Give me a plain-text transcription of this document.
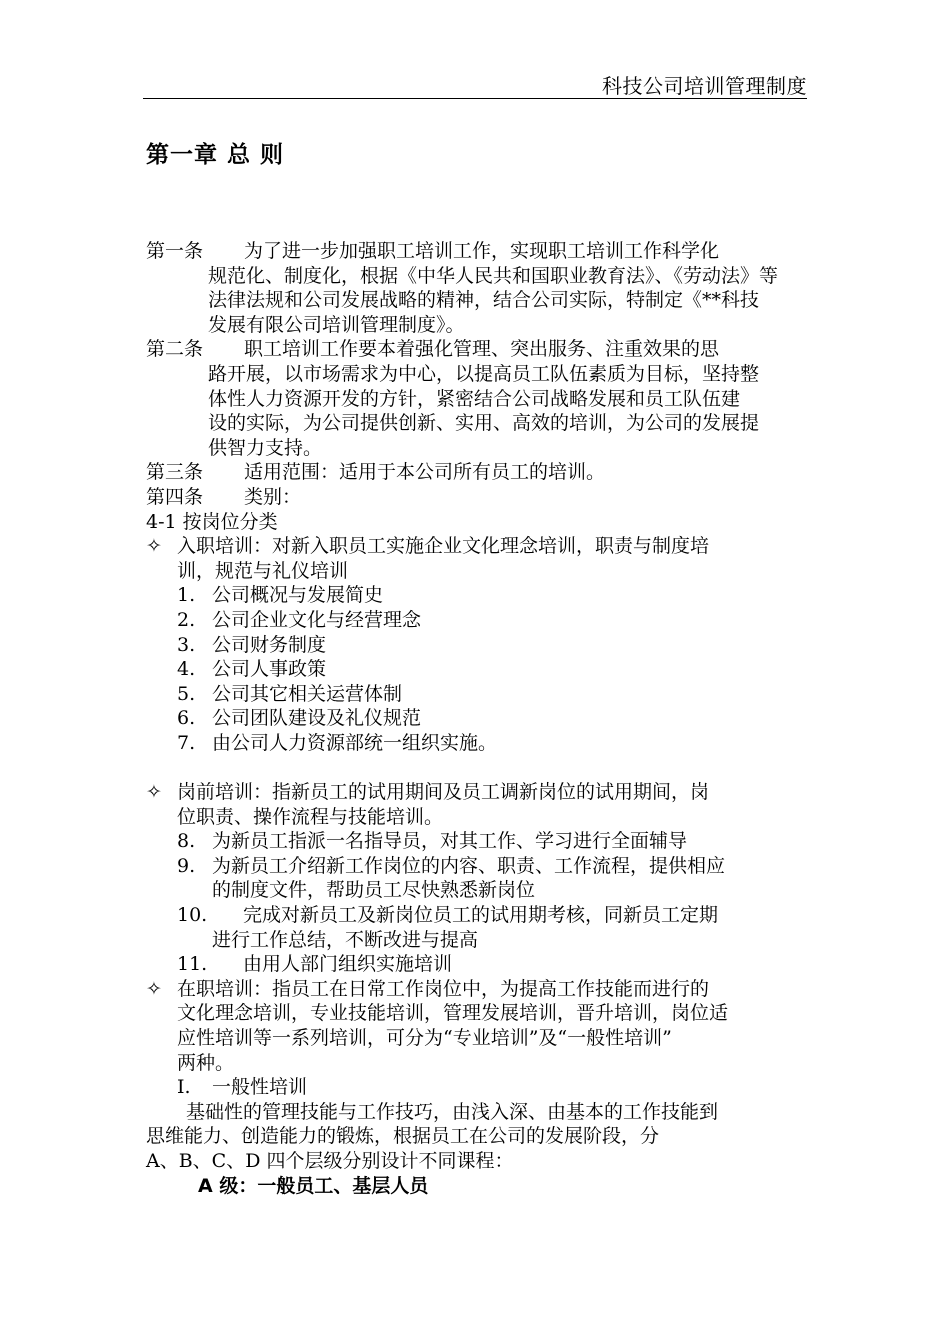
科技公司培训管理制度
第一章 总 则
第一条	为了进一步加强职工培训工作，实现职工培训工作科学化
规范化、制度化，根据《中华人民共和国职业教育法》、《劳动法》等
法律法规和公司发展战略的精神，结合公司实际，特制定《**科技
发展有限公司培训管理制度》。
第二条	职工培训工作要本着强化管理、突出服务、注重效果的思
路开展，以市场需求为中心，以提高员工队伍素质为目标，坚持整
体性人力资源开发的方针，紧密结合公司战略发展和员工队伍建
设的实际，为公司提供创新、实用、高效的培训，为公司的发展提
供智力支持。
第三条	适用范围：适用于本公司所有员工的培训。
第四条	类别：
4-1 按岗位分类
✧ 入职培训：对新入职员工实施企业文化理念培训，职责与制度培
训，规范与礼仪培训
1. 公司概况与发展简史
2. 公司企业文化与经营理念
3. 公司财务制度
4. 公司人事政策
5. 公司其它相关运营体制
6. 公司团队建设及礼仪规范
7. 由公司人力资源部统一组织实施。
✧ 岗前培训：指新员工的试用期间及员工调新岗位的试用期间，岗
位职责、操作流程与技能培训。
8. 为新员工指派一名指导员，对其工作、学习进行全面辅导
9. 为新员工介绍新工作岗位的内容、职责、工作流程，提供相应
的制度文件，帮助员工尽快熟悉新岗位
10.	完成对新员工及新岗位员工的试用期考核，同新员工定期
进行工作总结，不断改进与提高
11.	由用人部门组织实施培训
✧ 在职培训：指员工在日常工作岗位中，为提高工作技能而进行的
文化理念培训，专业技能培训，管理发展培训，晋升培训，岗位适
应性培训等一系列培训，可分为“专业培训”及“一般性培训”
两种。
I.	一般性培训
基础性的管理技能与工作技巧，由浅入深、由基本的工作技能到
思维能力、创造能力的锻炼，根据员工在公司的发展阶段，分
A、B、C、D 四个层级分别设计不同课程：
A 级：一般员工、基层人员
